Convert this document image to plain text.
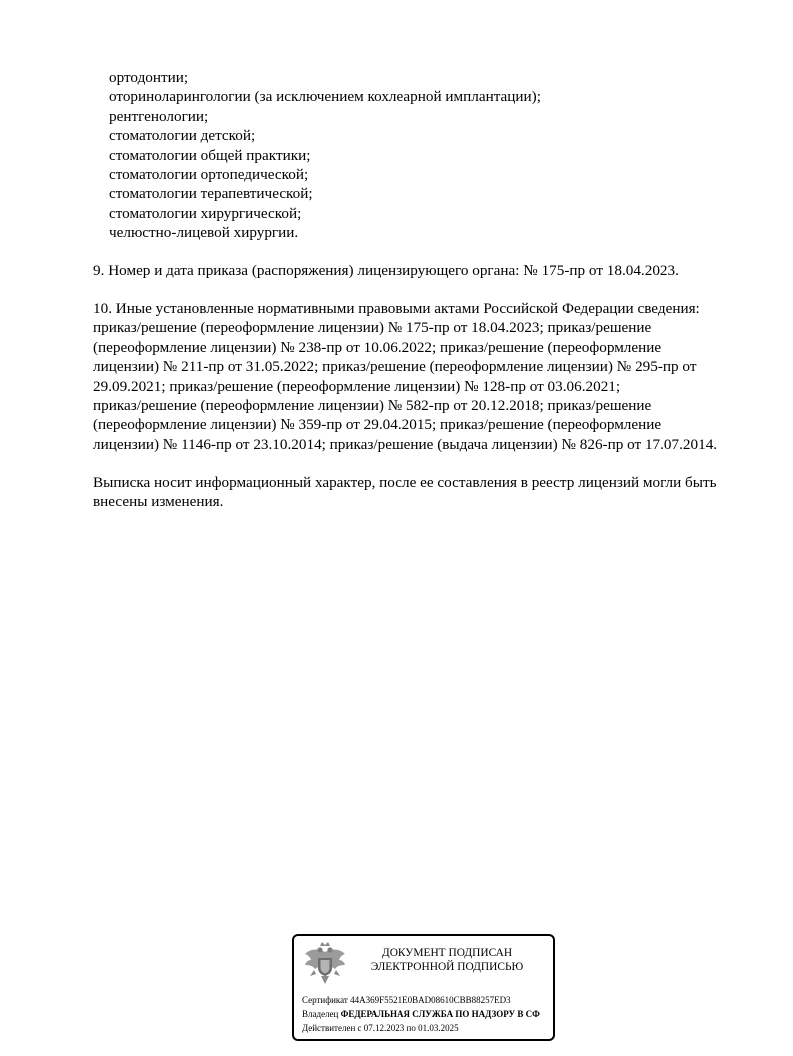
ортодонтии;
оториноларингологии (за исключением кохлеарной имплантации);
рентгенологии;
стоматологии детской;
стоматологии общей практики;
стоматологии ортопедической;
стоматологии терапевтической;
стоматологии хирургической;
челюстно-лицевой хирургии.

9. Номер и дата приказа (распоряжения) лицензирующего органа: № 175-пр от 18.04.2023.

10. Иные установленные нормативными правовыми актами Российской Федерации сведения:
приказ/решение (переоформление лицензии) № 175-пр от 18.04.2023; приказ/решение
(переоформление лицензии) № 238-пр от 10.06.2022; приказ/решение (переоформление
лицензии) № 211-пр от 31.05.2022; приказ/решение (переоформление лицензии) № 295-пр от
29.09.2021; приказ/решение (переоформление лицензии) № 128-пр от 03.06.2021;
приказ/решение (переоформление лицензии) № 582-пр от 20.12.2018; приказ/решение
(переоформление лицензии) № 359-пр от 29.04.2015; приказ/решение (переоформление
лицензии) № 1146-пр от 23.10.2014; приказ/решение (выдача лицензии) № 826-пр от 17.07.2014.
Выписка носит информационный характер, после ее составления в реестр лицензий могли быть
внесены изменения.
ДОКУМЕНТ ПОДПИСАН
ЭЛЕКТРОННОЙ ПОДПИСЬЮ
Сертификат 44A369F5521E0BAD08610CBB88257ED3
Владелец ФЕДЕРАЛЬНАЯ СЛУЖБА ПО НАДЗОРУ В СФ
Действителен с 07.12.2023 по 01.03.2025
